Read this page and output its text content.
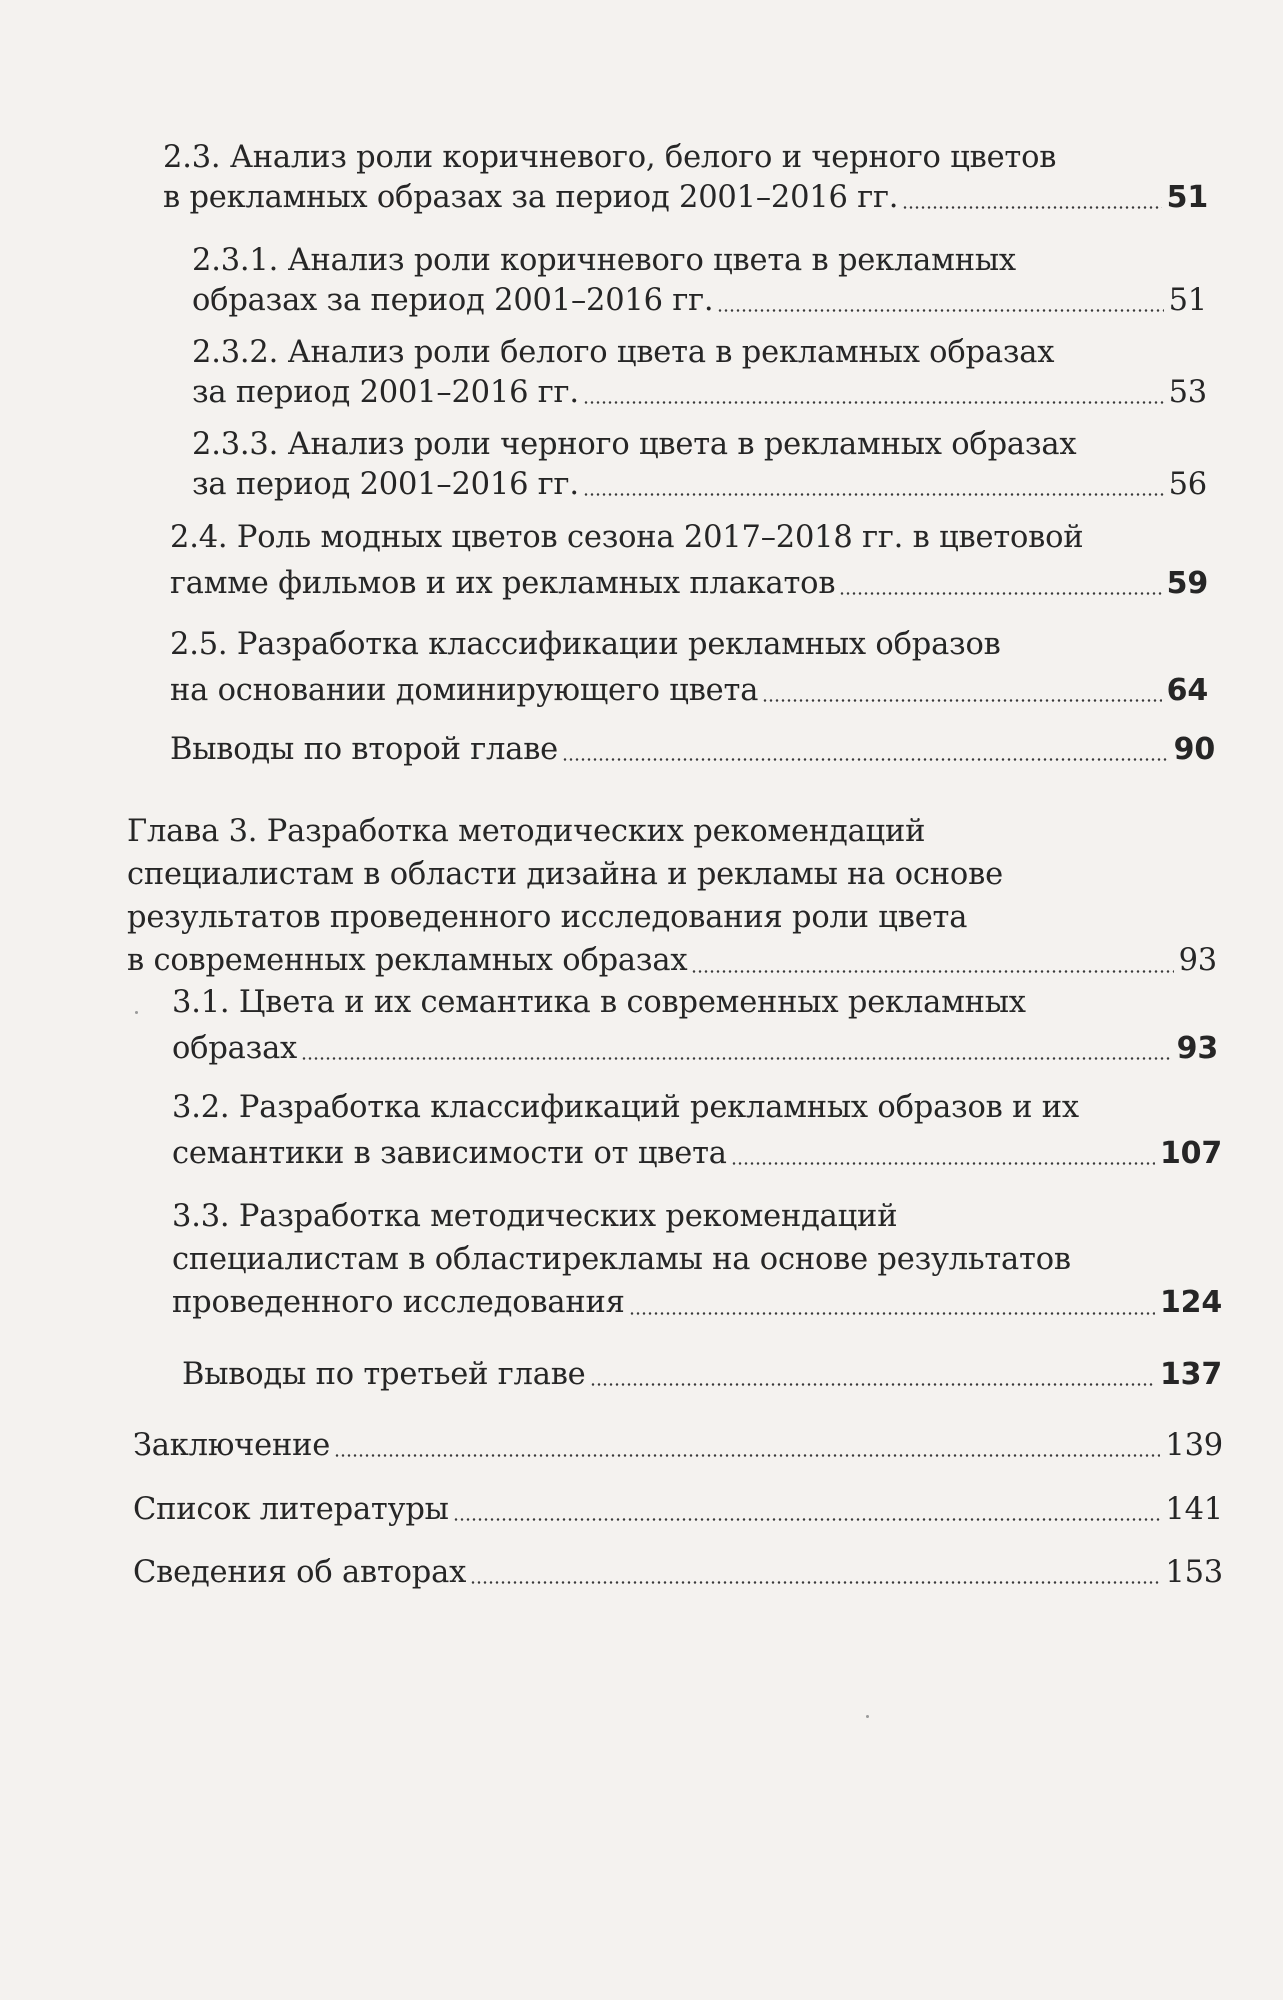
2.3. Анализ роли коричневого, белого и черного цветов
в рекламных образах за период 2001–2016 гг.	51
2.3.1. Анализ роли коричневого цвета в рекламных
образах за период 2001–2016 гг.	51
2.3.2. Анализ роли белого цвета в рекламных образах
за период 2001–2016 гг.	53
2.3.3. Анализ роли черного цвета в рекламных образах
за период 2001–2016 гг.	56
2.4. Роль модных цветов сезона 2017–2018 гг. в цветовой
гамме фильмов и их рекламных плакатов	59
2.5. Разработка классификации рекламных образов
на основании доминирующего цвета	64
Выводы по второй главе	90
Глава 3. Разработка методических рекомендаций
специалистам в области дизайна и рекламы на основе
результатов проведенного исследования роли цвета
в современных рекламных образах	93
3.1. Цвета и их семантика в современных рекламных
образах	93
3.2. Разработка классификаций рекламных образов и их
семантики в зависимости от цвета	107
3.3. Разработка методических рекомендаций
специалистам в областирекламы на основе результатов
проведенного исследования	124
Выводы по третьей главе	137
Заключение	139
Список литературы	141
Сведения об авторах	153
